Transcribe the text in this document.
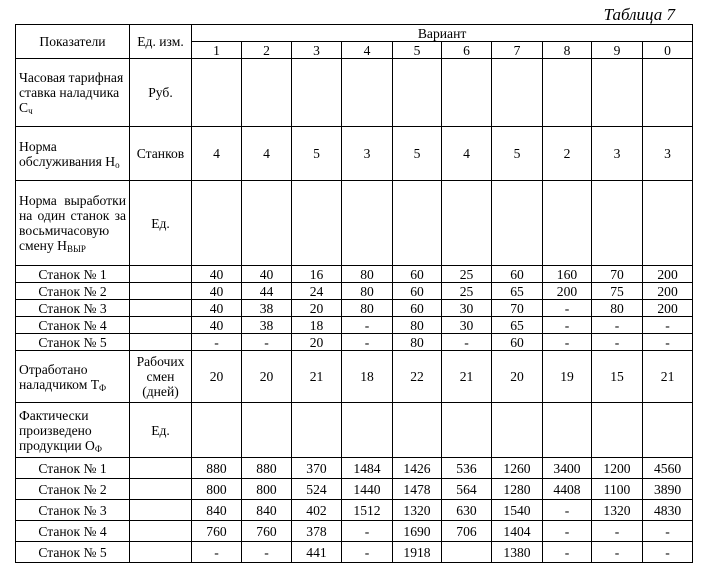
Таблица 7
Показатели	Ед. изм.	Вариант									
		1	2	3	4	5	6	7	8	9	0
Часовая тарифная ставка наладчика $С_ч$	Руб.										
Норма обслуживания $Н_о$	Станков	4	4	5	3	5	4	5	2	3	3
Норма выработки на один станок за восьмичасовую смену $Н_{ВЫР}$	Ед.										
Станок № 1		40	40	16	80	60	25	60	160	70	200
Станок № 2		40	44	24	80	60	25	65	200	75	200
Станок № 3		40	38	20	80	60	30	70	-	80	200
Станок № 4		40	38	18	-	80	30	65	-	-	-
Станок № 5		-	-	20	-	80	-	60	-	-	-
Отработано наладчиком $Т_Ф$	Рабочих смен (дней)	20	20	21	18	22	21	20	19	15	21
Фактически произведено продукции $О_Ф$	Ед.										
Станок № 1		880	880	370	1484	1426	536	1260	3400	1200	4560
Станок № 2		800	800	524	1440	1478	564	1280	4408	1100	3890
Станок № 3		840	840	402	1512	1320	630	1540	-	1320	4830
Станок № 4		760	760	378	-	1690	706	1404	-	-	-
Станок № 5		-	-	441	-	1918		1380	-	-	-
